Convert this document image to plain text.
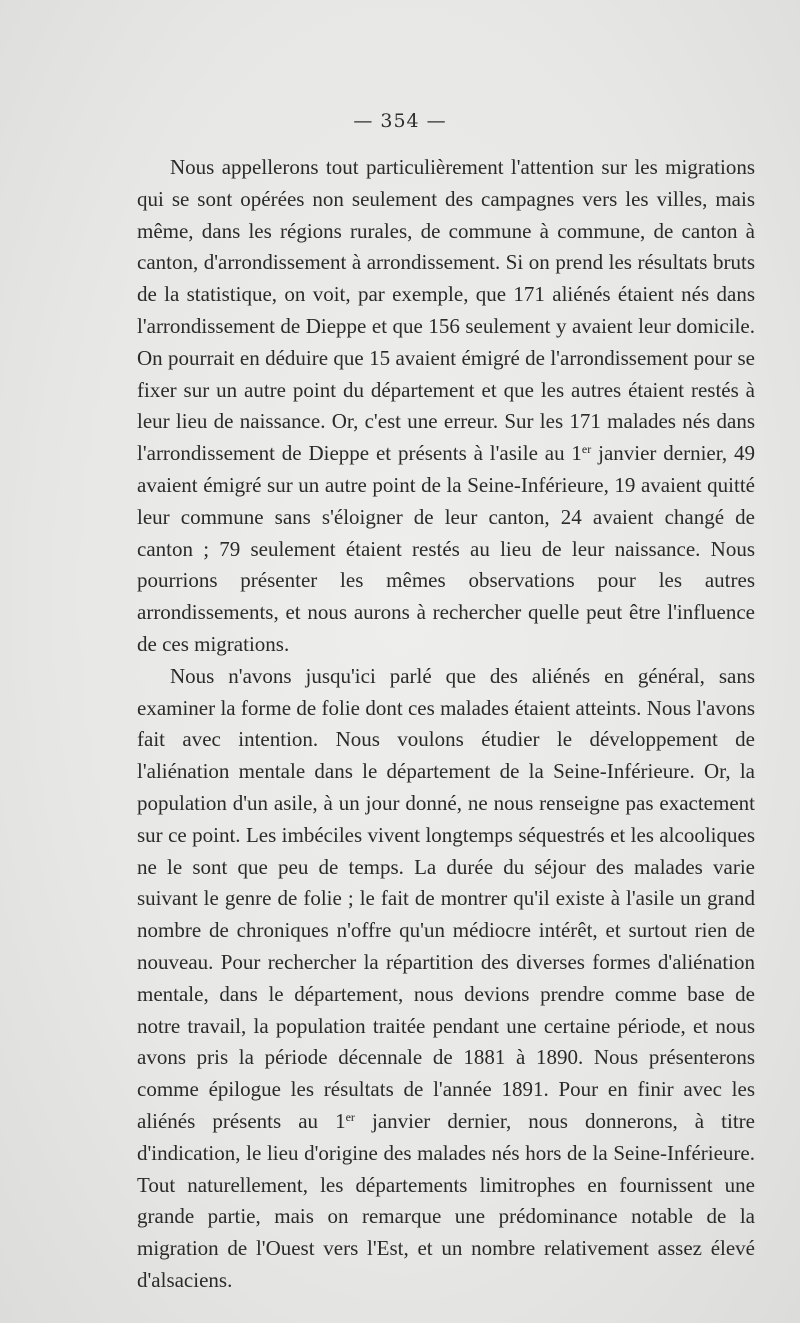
— 354 —

Nous appellerons tout particulièrement l'attention sur les migrations qui se sont opérées non seulement des campagnes vers les villes, mais même, dans les régions rurales, de commune à commune, de canton à canton, d'arrondissement à arrondissement. Si on prend les résultats bruts de la statistique, on voit, par exemple, que 171 aliénés étaient nés dans l'arrondissement de Dieppe et que 156 seulement y avaient leur domicile. On pourrait en déduire que 15 avaient émigré de l'arrondissement pour se fixer sur un autre point du département et que les autres étaient restés à leur lieu de naissance. Or, c'est une erreur. Sur les 171 malades nés dans l'arrondissement de Dieppe et présents à l'asile au 1er janvier dernier, 49 avaient émigré sur un autre point de la Seine-Inférieure, 19 avaient quitté leur commune sans s'éloigner de leur canton, 24 avaient changé de canton ; 79 seulement étaient restés au lieu de leur naissance. Nous pourrions présenter les mêmes observations pour les autres arrondissements, et nous aurons à rechercher quelle peut être l'influence de ces migrations.

Nous n'avons jusqu'ici parlé que des aliénés en général, sans examiner la forme de folie dont ces malades étaient atteints. Nous l'avons fait avec intention. Nous voulons étudier le développement de l'aliénation mentale dans le département de la Seine-Inférieure. Or, la population d'un asile, à un jour donné, ne nous renseigne pas exactement sur ce point. Les imbéciles vivent longtemps séquestrés et les alcooliques ne le sont que peu de temps. La durée du séjour des malades varie suivant le genre de folie ; le fait de montrer qu'il existe à l'asile un grand nombre de chroniques n'offre qu'un médiocre intérêt, et surtout rien de nouveau. Pour rechercher la répartition des diverses formes d'aliénation mentale, dans le département, nous devions prendre comme base de notre travail, la population traitée pendant une certaine période, et nous avons pris la période décennale de 1881 à 1890. Nous présenterons comme épilogue les résultats de l'année 1891. Pour en finir avec les aliénés présents au 1er janvier dernier, nous donnerons, à titre d'indication, le lieu d'origine des malades nés hors de la Seine-Inférieure. Tout naturellement, les départements limitrophes en fournissent une grande partie, mais on remarque une prédominance notable de la migration de l'Ouest vers l'Est, et un nombre relativement assez élevé d'alsaciens.
